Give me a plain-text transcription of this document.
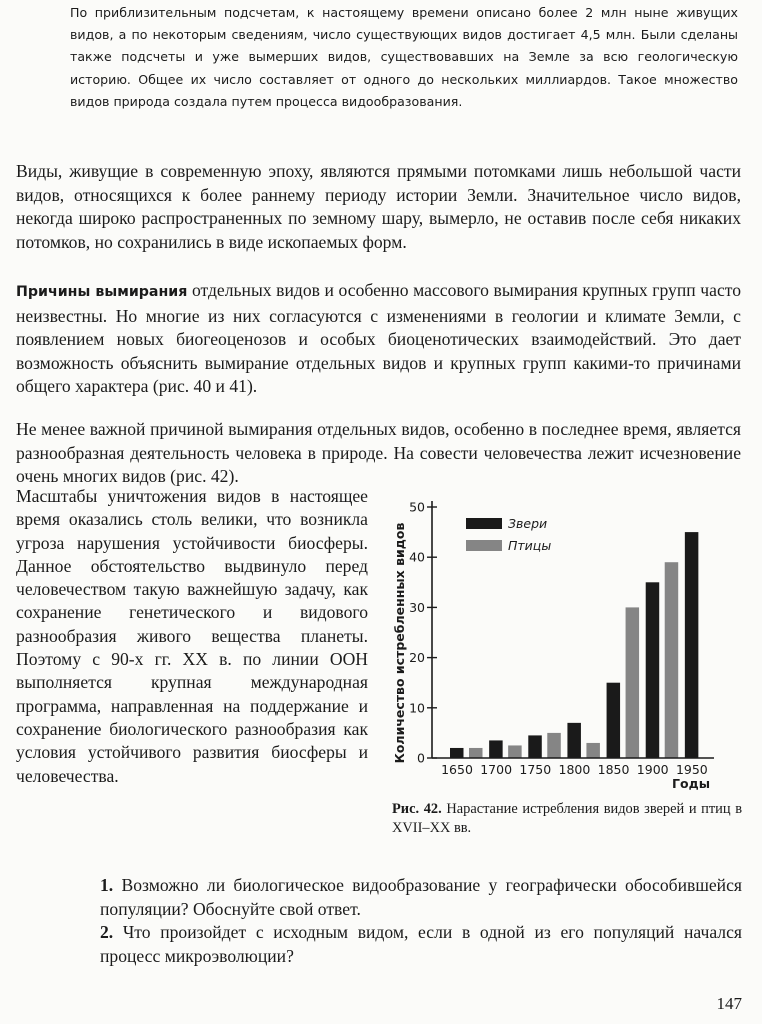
По приблизительным подсчетам, к настоящему времени описано более 2 млн ныне живущих видов, а по некоторым сведениям, число существующих видов достигает 4,5 млн. Были сделаны также подсчеты и уже вымерших видов, существовавших на Земле за всю геологическую историю. Общее их число составляет от одного до нескольких миллиардов. Такое множество видов природа создала путем процесса видообразования.

Виды, живущие в современную эпоху, являются прямыми потомками лишь небольшой части видов, относящихся к более раннему периоду истории Земли. Значительное число видов, некогда широко распространенных по земному шару, вымерло, не оставив после себя никаких потомков, но сохранились в виде ископаемых форм.

Причины вымирания отдельных видов и особенно массового вымирания крупных групп часто неизвестны. Но многие из них согласуются с изменениями в геологии и климате Земли, с появлением новых биогеоценозов и особых биоценотических взаимодействий. Это дает возможность объяснить вымирание отдельных видов и крупных групп какими-то причинами общего характера (рис. 40 и 41).

Не менее важной причиной вымирания отдельных видов, особенно в последнее время, является разнообразная деятельность человека в природе. На совести человечества лежит исчезновение очень многих видов (рис. 42).

Масштабы уничтожения видов в настоящее время оказались столь велики, что возникла угроза нарушения устойчивости биосферы. Данное обстоятельство выдвинуло перед человечеством такую важнейшую задачу, как сохранение генетического и видового разнообразия живого вещества планеты. Поэтому с 90-х гг. XX в. по линии ООН выполняется крупная международная программа, направленная на поддержание и сохранение биологического разнообразия как условия устойчивого развития биосферы и человечества.

Количество истребленных видов 0
10
20
30
40
50
1650 1700 1750 1800 1850 1900 1950
Звери
Птицы
Годы

Рис. 42. Нарастание истребления видов зверей и птиц в XVII–XX вв.

1. Возможно ли биологическое видообразование у географически обособившейся популяции? Обоснуйте свой ответ.
2. Что произойдет с исходным видом, если в одной из его популяций начался процесс микроэволюции?
147
